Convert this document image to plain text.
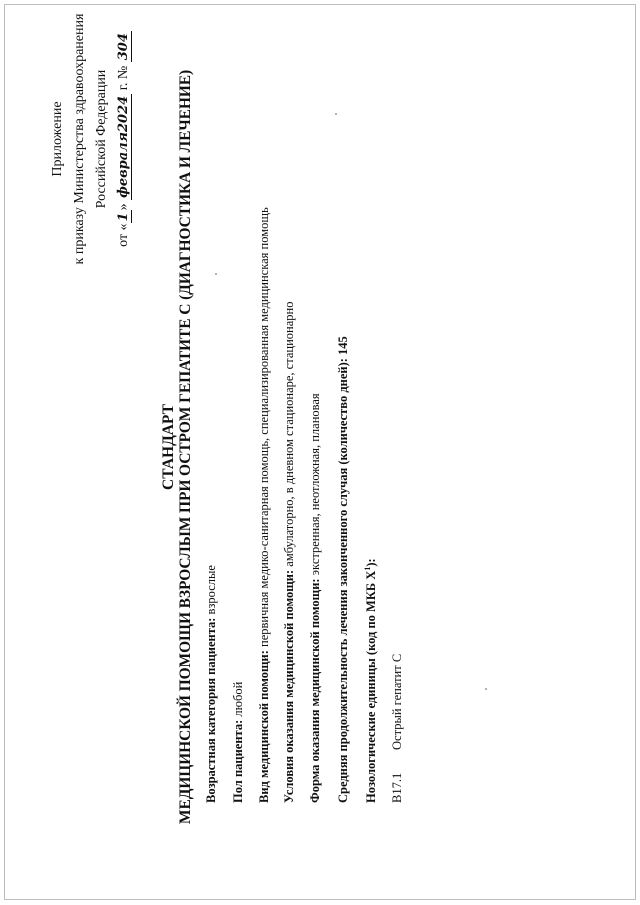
Приложение к приказу Министерства здравоохранения Российской Федерации
от «1» февраля2024 г. № 304
СТАНДАРТ МЕДИЦИНСКОЙ ПОМОЩИ ВЗРОСЛЫМ ПРИ ОСТРОМ ГЕПАТИТЕ С (ДИАГНОСТИКА И ЛЕЧЕНИЕ) Возрастная категория пациента: взрослые
Пол пациента: любой Вид медицинской помощи: первичная медико-санитарная помощь, специализированная медицинская помощь
Условия оказания медицинской помощи: амбулаторно, в дневном стационаре, стационарно
Форма оказания медицинской помощи: экстренная, неотложная, плановая Средняя продолжительность лечения законченного случая (количество дней): 145
Нозологические единицы (код по МКБ $X^1$):
B17.1
Острый гепатит С
